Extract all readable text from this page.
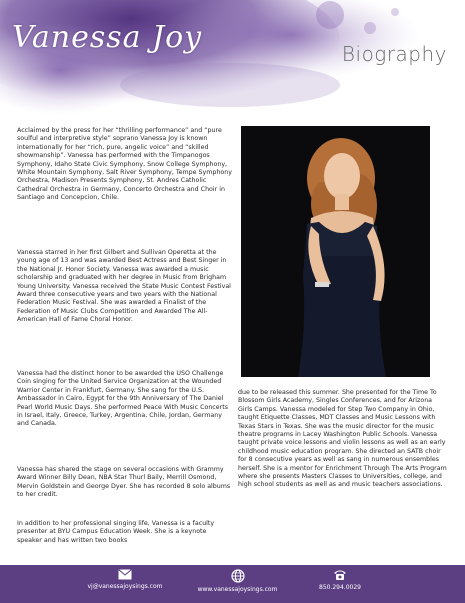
Vanessa Joy	Biography

Acclaimed by the press for her “thrilling performance” and “pure soulful and interpretive style” soprano Vanessa Joy is known internationally for her “rich, pure, angelic voice” and “skilled showmanship”. Vanessa has performed with the Timpanogos Symphony, Idaho State Civic Symphony, Snow College Symphony, White Mountain Symphony, Salt River Symphony, Tempe Symphony Orchestra, Madison Presents Symphony, St. Andres Catholic Cathedral Orchestra in Germany, Concerto Orchestra and Choir in Santiago and Concepcion, Chile.

Vanessa starred in her first Gilbert and Sullivan Operetta at the young age of 13 and was awarded Best Actress and Best Singer in the National Jr. Honor Society. Vanessa was awarded a music scholarship and graduated with her degree in Music from Brigham Young University. Vanessa received the State Music Contest Festival Award three consecutive years and two years with the National Federation Music Festival. She was awarded a Finalist of the Federation of Music Clubs Competition and Awarded The All-American Hall of Fame Choral Honor.

Vanessa had the distinct honor to be awarded the USO Challenge Coin singing for the United Service Organization at the Wounded Warrior Center in Frankfurt, Germany. She sang for the U.S. Ambassador in Cairo, Egypt for the 9th Anniversary of The Daniel Pearl World Music Days. She performed Peace With Music Concerts in Israel, Italy, Greece, Turkey, Argentina, Chile, Jordan, Germany and Canada.

Vanessa has shared the stage on several occasions with Grammy Award Winner Billy Dean, NBA Star Thurl Baily, Merrill Osmond, Mervin Goldstein and George Dyer. She has recorded 8 solo albums to her credit.

In addition to her professional singing life, Vanessa is a faculty presenter at BYU Campus Education Week. She is a keynote speaker and has written two books

due to be released this summer. She presented for the Time To Blossom Girls Academy, Singles Conferences, and for Arizona Girls Camps. Vanessa modeled for Step Two Company in Ohio, taught Etiquette Classes, MDT Classes and Music Lessons with Texas Stars in Texas. She was the music director for the music theatre programs in Lacey Washington Public Schools. Vanessa taught private voice lessons and violin lessons as well as an early childhood music education program. She directed an SATB choir for 8 consecutive years as well as sang in numerous ensembles herself. She is a mentor for Enrichment Through The Arts Program where she presents Masters Classes to Universities, college, and high school students as well as and music teachers associations.

vj@vanessajoysings.com	www.vanessajoysings.com	850.294.0029
